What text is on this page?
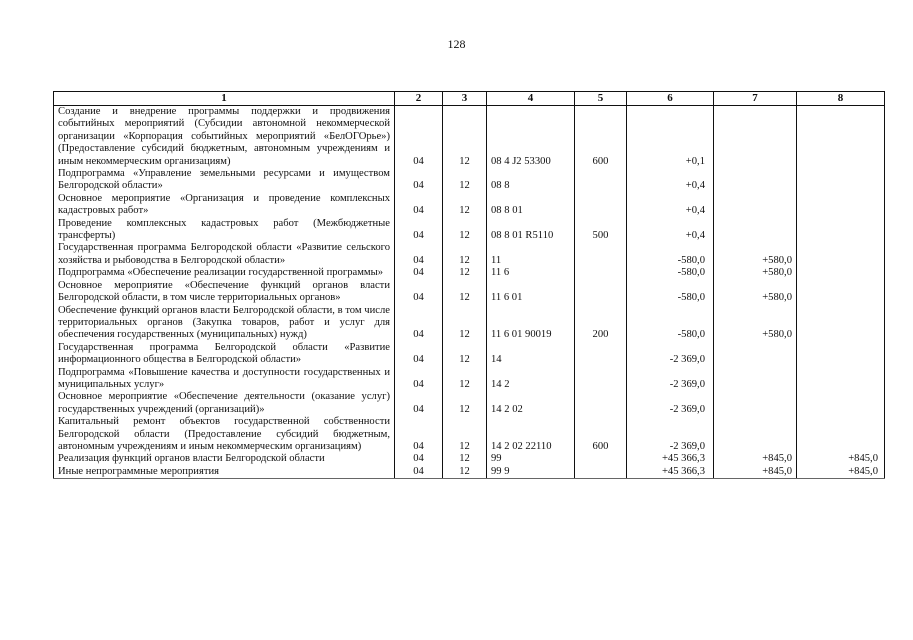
128
1	2	3	4	5	6	7	8
Создание и внедрение программы поддержки и продвижения событийных мероприятий (Субсидии автономной некоммерческой организации «Корпорация событийных мероприятий «БелОГОрье») (Предоставление субсидий бюджетным, автономным учреждениям и иным некоммерческим организациям)	04	12	08 4 J2 53300	600	+0,1		
Подпрограмма «Управление земельными ресурсами и имуществом Белгородской области»	04	12	08 8		+0,4		
Основное мероприятие «Организация и проведение комплексных кадастровых работ»	04	12	08 8 01		+0,4		
Проведение комплексных кадастровых работ (Межбюджетные трансферты)	04	12	08 8 01 R5110	500	+0,4		
Государственная программа Белгородской области «Развитие сельского хозяйства и рыбоводства в Белгородской области»	04	12	11		-580,0	+580,0	
Подпрограмма «Обеспечение реализации государственной программы»	04	12	11 6		-580,0	+580,0	
Основное мероприятие «Обеспечение функций органов власти Белгородской области, в том числе территориальных органов»	04	12	11 6 01		-580,0	+580,0	
Обеспечение функций органов власти Белгородской области, в том числе территориальных органов (Закупка товаров, работ и услуг для обеспечения государственных (муниципальных) нужд)	04	12	11 6 01 90019	200	-580,0	+580,0	
Государственная программа Белгородской области «Развитие информационного общества в Белгородской области»	04	12	14		-2 369,0		
Подпрограмма «Повышение качества и доступности государственных и муниципальных услуг»	04	12	14 2		-2 369,0		
Основное мероприятие «Обеспечение деятельности (оказание услуг) государственных учреждений (организаций)»	04	12	14 2 02		-2 369,0		
Капитальный ремонт объектов государственной собственности Белгородской области (Предоставление субсидий бюджетным, автономным учреждениям и иным некоммерческим организациям)	04	12	14 2 02 22110	600	-2 369,0		
Реализация функций органов власти Белгородской области	04	12	99		+45 366,3	+845,0	+845,0
Иные непрограммные мероприятия	04	12	99 9		+45 366,3	+845,0	+845,0
